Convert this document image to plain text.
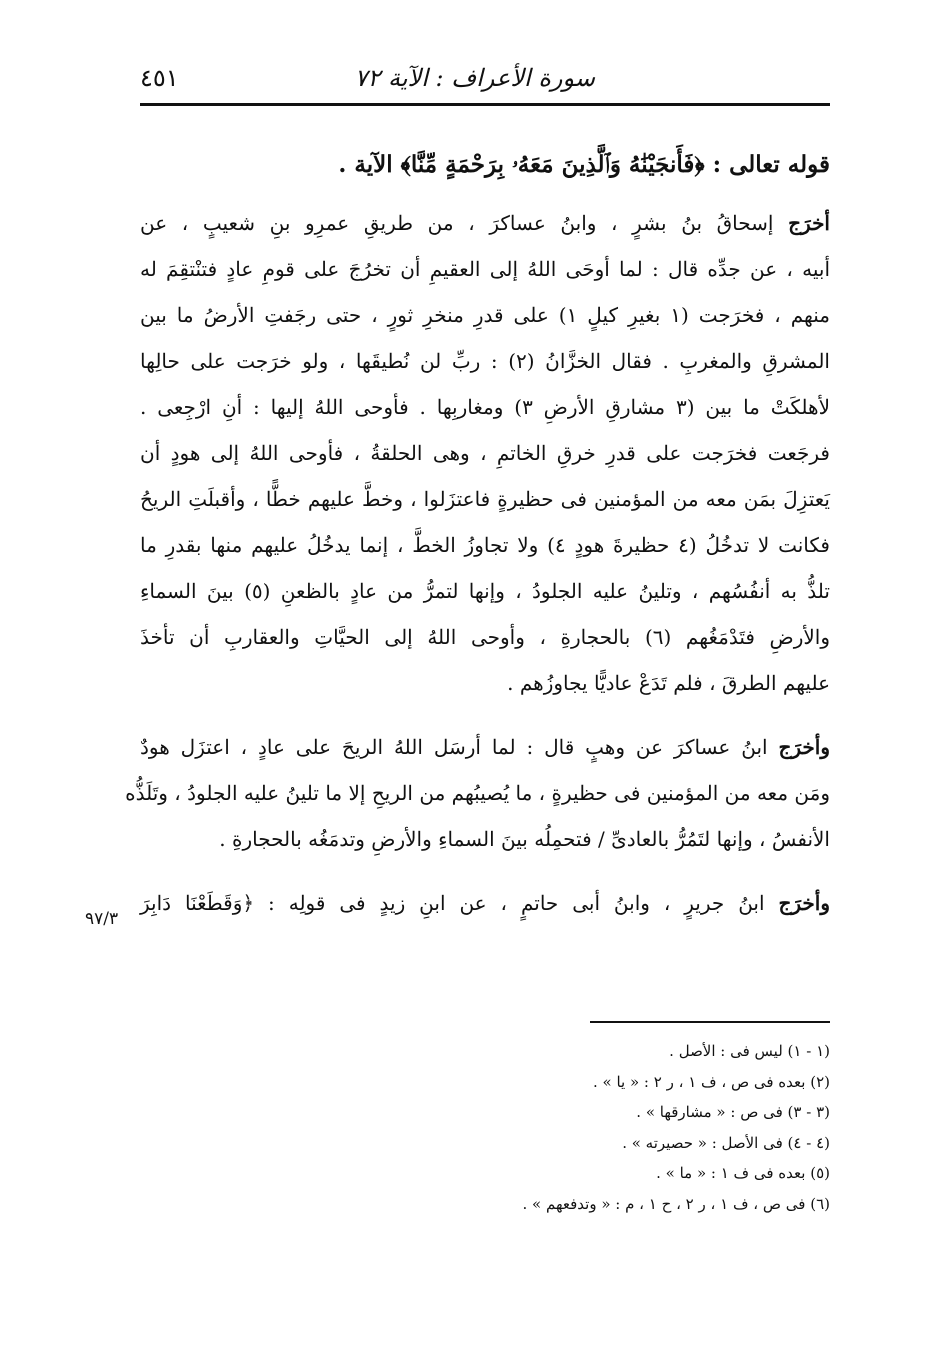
سورة الأعراف : الآية ٧٢
٤٥١
قوله تعالى : ﴿فَأَنجَيْنَٰهُ وَٱلَّذِينَ مَعَهُۥ بِرَحْمَةٍ مِّنَّا﴾ الآية .
أخرَج إسحاقُ بنُ بشرٍ ، وابنُ عساكرَ ، من طريقِ عمرِو بنِ شعيبٍ ، عن
أبيه ، عن جدِّه قال : لما أوحَى اللهُ إلى العقيمِ أن تخرُجَ على قومِ عادٍ فتنْتقِمَ له
منهم ، فخرَجت (١ بغيرِ كيلٍ ١) على قدرِ منخرِ ثورٍ ، حتى رجَفتِ الأرضُ ما بين
المشرقِ والمغربِ . فقال الخزَّانُ (٢) : ربِّ لن نُطيقَها ، ولو خرَجت على حالِها
لأهلكَتْ ما بين (٣ مشارقِ الأرضِ ٣) ومغاربِها . فأوحى اللهُ إليها : أنِ ارْجِعى .
فرجَعت فخرَجت على قدرِ خرقِ الخاتمِ ، وهى الحلقةُ ، فأوحى اللهُ إلى هودٍ أن
يَعتزِلَ بمَن معه من المؤمنين فى حظيرةٍ فاعتزَلوا ، وخطَّ عليهم خطًّا ، وأقبلَتِ الريحُ
فكانت لا تدخُلُ (٤ حظيرةَ هودٍ ٤) ولا تجاوزُ الخطَّ ، إنما يدخُلُ عليهم منها بقدرِ ما
تلذُّ به أنفُسُهم ، وتلينُ عليه الجلودُ ، وإنها لتمرُّ من عادٍ بالظعنِ (٥) بينَ السماءِ
والأرضِ فتَدْمَغُهم (٦) بالحجارةِ ، وأوحى اللهُ إلى الحيَّاتِ والعقاربِ أن تأخذَ
عليهم الطرقَ ، فلم تَدَعْ عاديًّا يجاوزُهم .
وأخرَج ابنُ عساكرَ عن وهبٍ قال : لما أرسَل اللهُ الريحَ على عادٍ ، اعتزَل هودٌ
ومَن معه من المؤمنين فى حظيرةٍ ، ما يُصيبُهم من الريحِ إلا ما تلينُ عليه الجلودُ ، وتَلَذُّه
الأنفسُ ، وإنها لتَمُرُّ بالعادىِّ / فتحمِلُه بينَ السماءِ والأرضِ وتدمَغُه بالحجارةِ .
وأخرَج ابنُ جريرٍ ، وابنُ أبى حاتمٍ ، عن ابنِ زيدٍ فى قولِه : ﴿وَقَطَعْنَا دَابِرَ
٩٧/٣
(١ - ١) ليس فى : الأصل .
(٢) بعده فى ص ، ف ١ ، ر ٢ : « يا » .
(٣ - ٣) فى ص : « مشارقها » .
(٤ - ٤) فى الأصل : « حصيرته » .
(٥) بعده فى ف ١ : « ما » .
(٦) فى ص ، ف ١ ، ر ٢ ، ح ١ ، م : « وتدفعهم » .
